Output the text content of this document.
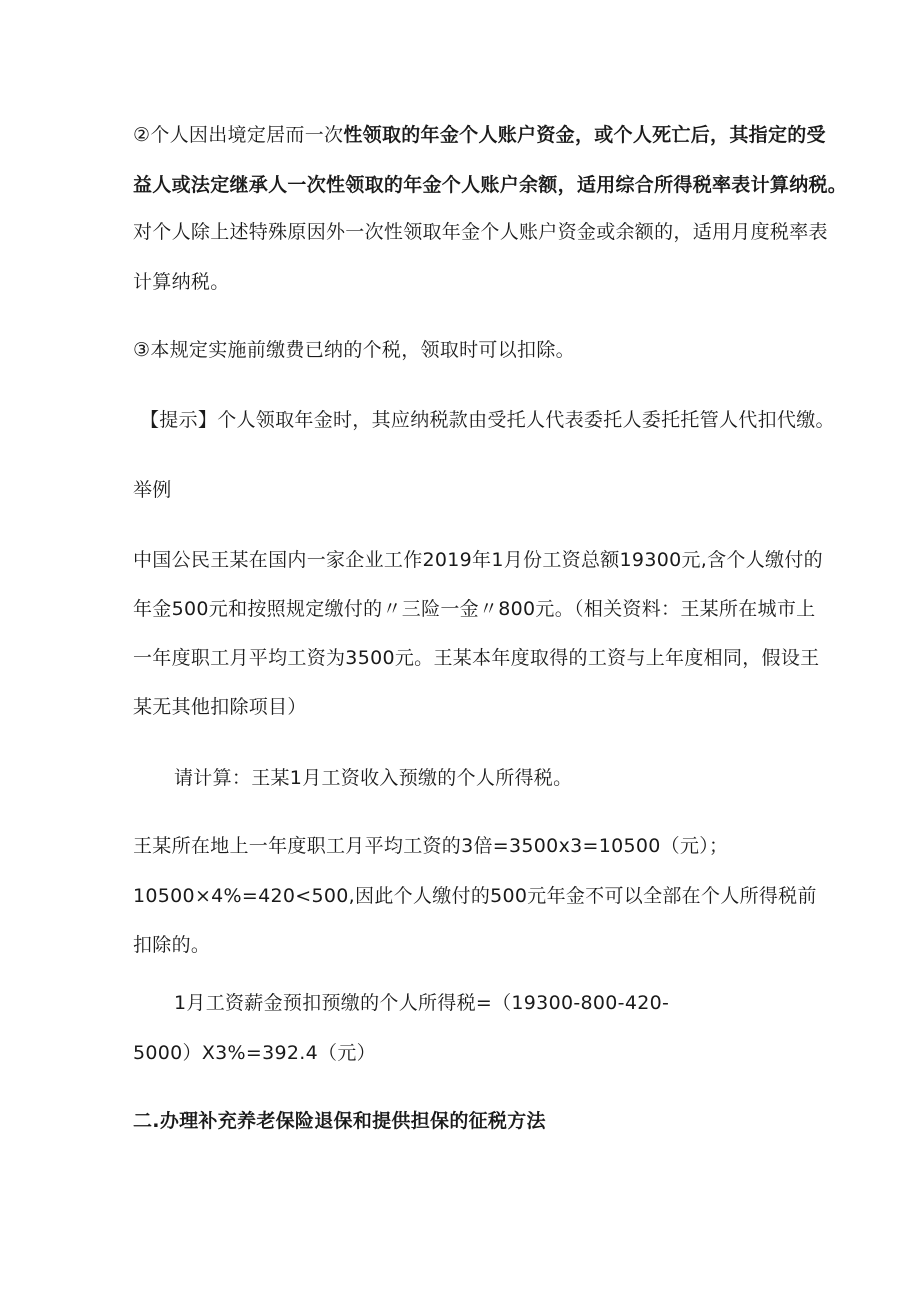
②个人因出境定居而一次性领取的年金个人账户资金，或个人死亡后，其指定的受
益人或法定继承人一次性领取的年金个人账户余额，适用综合所得税率表计算纳税。
对个人除上述特殊原因外一次性领取年金个人账户资金或余额的，适用月度税率表
计算纳税。
③本规定实施前缴费已纳的个税，领取时可以扣除。
【提示】个人领取年金时，其应纳税款由受托人代表委托人委托托管人代扣代缴。
举例
中国公民王某在国内一家企业工作2019年1月份工资总额19300元,含个人缴付的
年金500元和按照规定缴付的〃三险一金〃800元。（相关资料：王某所在城市上
一年度职工月平均工资为3500元。王某本年度取得的工资与上年度相同，假设王
某无其他扣除项目）
请计算：王某1月工资收入预缴的个人所得税。
王某所在地上一年度职工月平均工资的3倍=3500x3=10500（元）；
10500×4%=420<500,因此个人缴付的500元年金不可以全部在个人所得税前
扣除的。
1月工资薪金预扣预缴的个人所得税=（19300-800-420-
5000）X3%=392.4（元）
二.办理补充养老保险退保和提供担保的征税方法
